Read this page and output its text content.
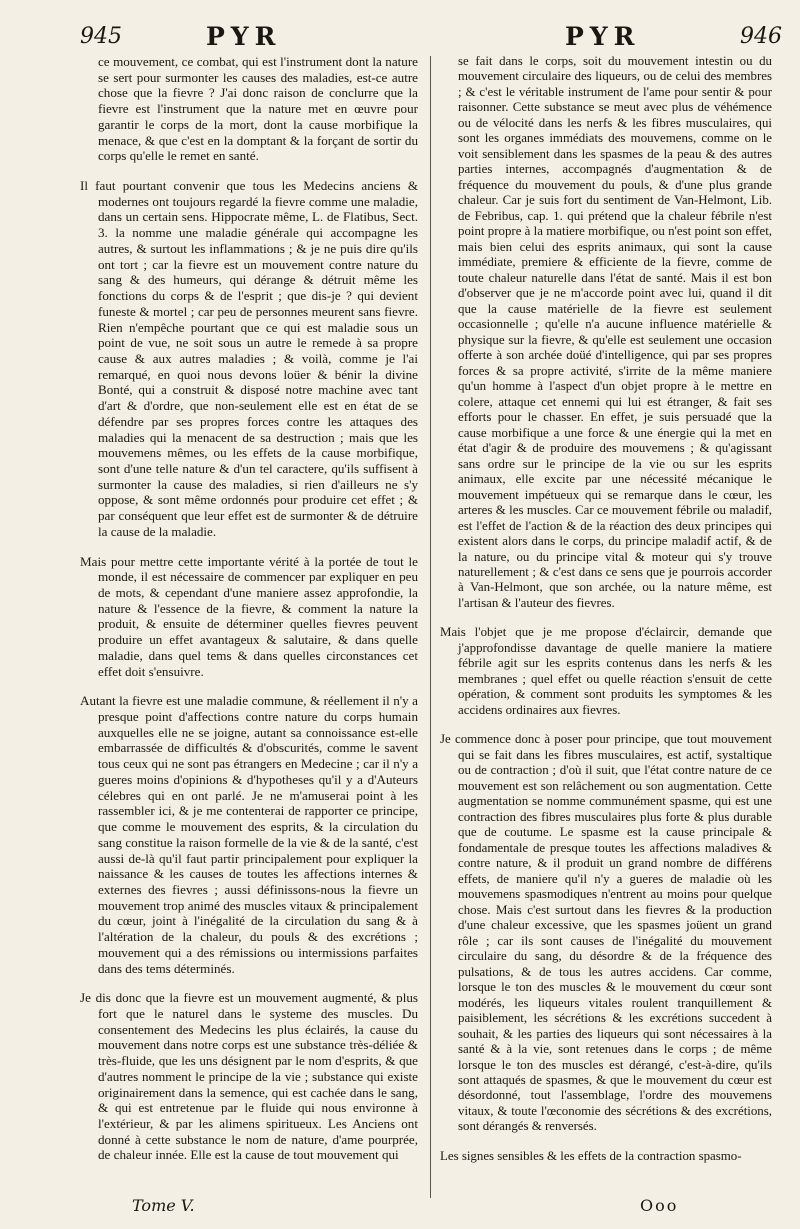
945	PYR	PYR	946

ce mouvement, ce combat, qui est l'instrument dont la nature se sert pour surmonter les causes des maladies, est-ce autre chose que la fievre ? J'ai donc raison de conclurre que la fievre est l'instrument que la nature met en œuvre pour garantir le corps de la mort, dont la cause morbifique la menace, & que c'est en la domptant & la forçant de sortir du corps qu'elle le remet en santé.

Il faut pourtant convenir que tous les Medecins anciens & modernes ont toujours regardé la fievre comme une maladie, dans un certain sens. Hippocrate même, L. de Flatibus, Sect. 3. la nomme une maladie générale qui accompagne les autres, & surtout les inflammations ; & je ne puis dire qu'ils ont tort ; car la fievre est un mouvement contre nature du sang & des humeurs, qui dérange & détruit même les fonctions du corps & de l'esprit ; que dis-je ? qui devient funeste & mortel ; car peu de personnes meurent sans fievre. Rien n'empêche pourtant que ce qui est maladie sous un point de vue, ne soit sous un autre le remede à sa propre cause & aux autres maladies ; & voilà, comme je l'ai remarqué, en quoi nous devons loüer & bénir la divine Bonté, qui a construit & disposé notre machine avec tant d'art & d'ordre, que non-seulement elle est en état de se défendre par ses propres forces contre les attaques des maladies qui la menacent de sa destruction ; mais que les mouvemens mêmes, ou les effets de la cause morbifique, sont d'une telle nature & d'un tel caractere, qu'ils suffisent à surmonter la cause des maladies, si rien d'ailleurs ne s'y oppose, & sont même ordonnés pour produire cet effet ; & par conséquent que leur effet est de surmonter & de détruire la cause de la maladie.

Mais pour mettre cette importante vérité à la portée de tout le monde, il est nécessaire de commencer par expliquer en peu de mots, & cependant d'une maniere assez approfondie, la nature & l'essence de la fievre, & comment la nature la produit, & ensuite de déterminer quelles fievres peuvent produire un effet avantageux & salutaire, & dans quelle maladie, dans quel tems & dans quelles circonstances cet effet doit s'ensuivre.

Autant la fievre est une maladie commune, & réellement il n'y a presque point d'affections contre nature du corps humain auxquelles elle ne se joigne, autant sa connoissance est-elle embarrassée de difficultés & d'obscurités, comme le savent tous ceux qui ne sont pas étrangers en Medecine ; car il n'y a gueres moins d'opinions & d'hypotheses qu'il y a d'Auteurs célebres qui en ont parlé. Je ne m'amuserai point à les rassembler ici, & je me contenterai de rapporter ce principe, que comme le mouvement des esprits, & la circulation du sang constitue la raison formelle de la vie & de la santé, c'est aussi de-là qu'il faut partir principalement pour expliquer la naissance & les causes de toutes les affections internes & externes des fievres ; aussi définissons-nous la fievre un mouvement trop animé des muscles vitaux & principalement du cœur, joint à l'inégalité de la circulation du sang & à l'altération de la chaleur, du pouls & des excrétions ; mouvement qui a des rémissions ou intermissions parfaites dans des tems déterminés.

Je dis donc que la fievre est un mouvement augmenté, & plus fort que le naturel dans le systeme des muscles. Du consentement des Medecins les plus éclairés, la cause du mouvement dans notre corps est une substance très-déliée & très-fluide, que les uns désignent par le nom d'esprits, & que d'autres nomment le principe de la vie ; substance qui existe originairement dans la semence, qui est cachée dans le sang, & qui est entretenue par le fluide qui nous environne à l'extérieur, & par les alimens spiritueux. Les Anciens ont donné à cette substance le nom de nature, d'ame pourprée, de chaleur innée. Elle est la cause de tout mouvement qui

se fait dans le corps, soit du mouvement intestin ou du mouvement circulaire des liqueurs, ou de celui des membres ; & c'est le véritable instrument de l'ame pour sentir & pour raisonner. Cette substance se meut avec plus de véhémence ou de vélocité dans les nerfs & les fibres musculaires, qui sont les organes immédiats des mouvemens, comme on le voit sensiblement dans les spasmes de la peau & des autres parties internes, accompagnés d'augmentation & de fréquence du mouvement du pouls, & d'une plus grande chaleur. Car je suis fort du sentiment de Van-Helmont, Lib. de Febribus, cap. 1. qui prétend que la chaleur fébrile n'est point propre à la matiere morbifique, ou n'est point son effet, mais bien celui des esprits animaux, qui sont la cause immédiate, premiere & efficiente de la fievre, comme de toute chaleur naturelle dans l'état de santé. Mais il est bon d'observer que je ne m'accorde point avec lui, quand il dit que la cause matérielle de la fievre est seulement occasionnelle ; qu'elle n'a aucune influence matérielle & physique sur la fievre, & qu'elle est seulement une occasion offerte à son archée doüé d'intelligence, qui par ses propres forces & sa propre activité, s'irrite de la même maniere qu'un homme à l'aspect d'un objet propre à le mettre en colere, attaque cet ennemi qui lui est étranger, & fait ses efforts pour le chasser. En effet, je suis persuadé que la cause morbifique a une force & une énergie qui la met en état d'agir & de produire des mouvemens ; & qu'agissant sans ordre sur le principe de la vie ou sur les esprits animaux, elle excite par une nécessité mécanique le mouvement impétueux qui se remarque dans le cœur, les arteres & les muscles. Car ce mouvement fébrile ou maladif, est l'effet de l'action & de la réaction des deux principes qui existent alors dans le corps, du principe maladif actif, & de la nature, ou du principe vital & moteur qui s'y trouve naturellement ; & c'est dans ce sens que je pourrois accorder à Van-Helmont, que son archée, ou la nature même, est l'artisan & l'auteur des fievres.

Mais l'objet que je me propose d'éclaircir, demande que j'approfondisse davantage de quelle maniere la matiere fébrile agit sur les esprits contenus dans les nerfs & les membranes ; quel effet ou quelle réaction s'ensuit de cette opération, & comment sont produits les symptomes & les accidens ordinaires aux fievres.

Je commence donc à poser pour principe, que tout mouvement qui se fait dans les fibres musculaires, est actif, systaltique ou de contraction ; d'où il suit, que l'état contre nature de ce mouvement est son relâchement ou son augmentation. Cette augmentation se nomme communément spasme, qui est une contraction des fibres musculaires plus forte & plus durable que de coutume. Le spasme est la cause principale & fondamentale de presque toutes les affections maladives & contre nature, & il produit un grand nombre de différens effets, de maniere qu'il n'y a gueres de maladie où les mouvemens spasmodiques n'entrent au moins pour quelque chose. Mais c'est surtout dans les fievres & la production d'une chaleur excessive, que les spasmes joüent un grand rôle ; car ils sont causes de l'inégalité du mouvement circulaire du sang, du désordre & de la fréquence des pulsations, & de tous les autres accidens. Car comme, lorsque le ton des muscles & le mouvement du cœur sont modérés, les liqueurs vitales roulent tranquillement & paisiblement, les sécrétions & les excrétions succedent à souhait, & les parties des liqueurs qui sont nécessaires à la santé & à la vie, sont retenues dans le corps ; de même lorsque le ton des muscles est dérangé, c'est-à-dire, qu'ils sont attaqués de spasmes, & que le mouvement du cœur est désordonné, tout l'assemblage, l'ordre des mouvemens vitaux, & toute l'œconomie des sécrétions & des excrétions, sont dérangés & renversés.

Les signes sensibles & les effets de la contraction spasmo-

Tome V.	Ooo
